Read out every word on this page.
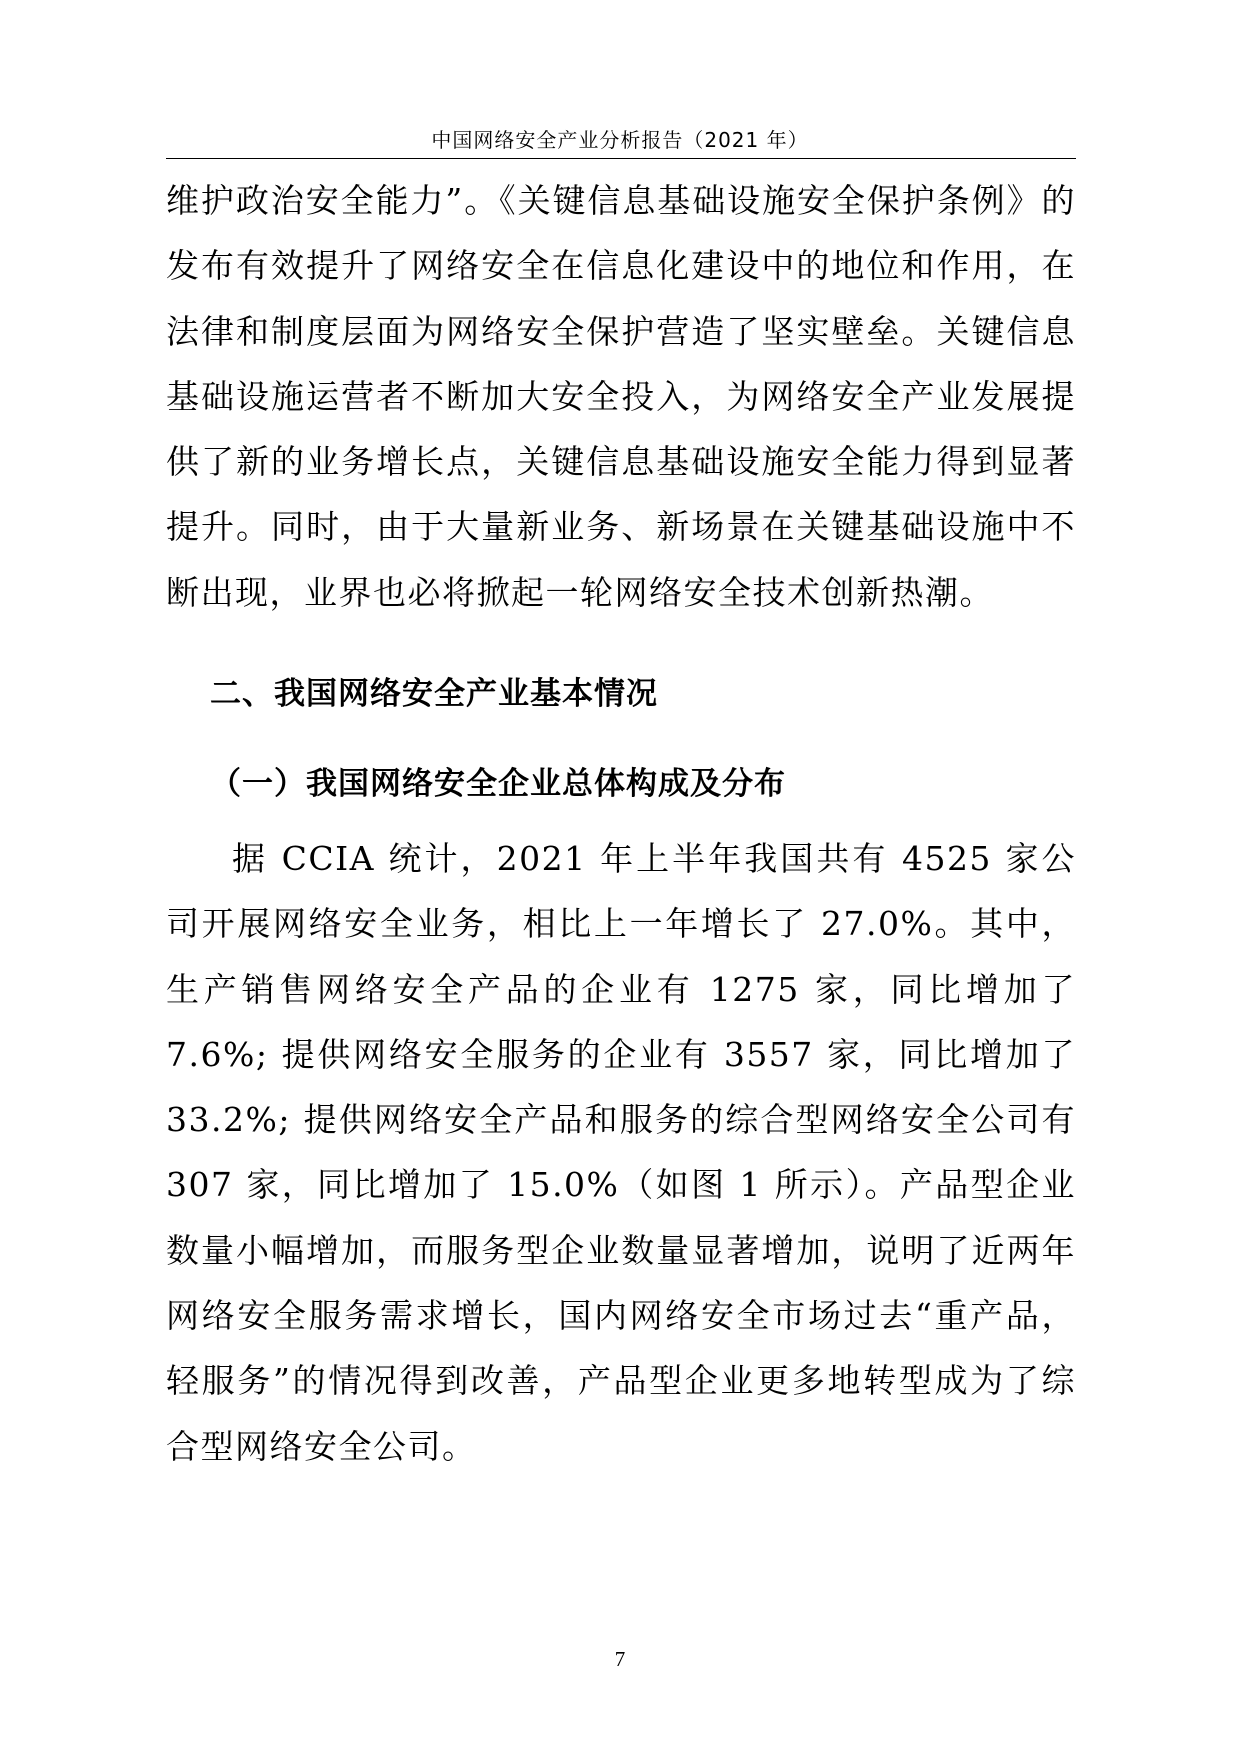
中国网络安全产业分析报告（2021 年）

维护政治安全能力”。《关键信息基础设施安全保护条例》的发布有效提升了网络安全在信息化建设中的地位和作用，在法律和制度层面为网络安全保护营造了坚实壁垒。关键信息基础设施运营者不断加大安全投入，为网络安全产业发展提供了新的业务增长点，关键信息基础设施安全能力得到显著提升。同时，由于大量新业务、新场景在关键基础设施中不断出现，业界也必将掀起一轮网络安全技术创新热潮。

二、我国网络安全产业基本情况
（一）我国网络安全企业总体构成及分布

据 CCIA 统计，2021 年上半年我国共有 4525 家公司开展网络安全业务，相比上一年增长了 27.0%。其中，生产销售网络安全产品的企业有 1275 家，同比增加了 7.6%; 提供网络安全服务的企业有 3557 家，同比增加了 33.2%; 提供网络安全产品和服务的综合型网络安全公司有 307 家，同比增加了 15.0%（如图 1 所示）。产品型企业数量小幅增加，而服务型企业数量显著增加，说明了近两年网络安全服务需求增长，国内网络安全市场过去“重产品，轻服务”的情况得到改善，产品型企业更多地转型成为了综合型网络安全公司。

7
